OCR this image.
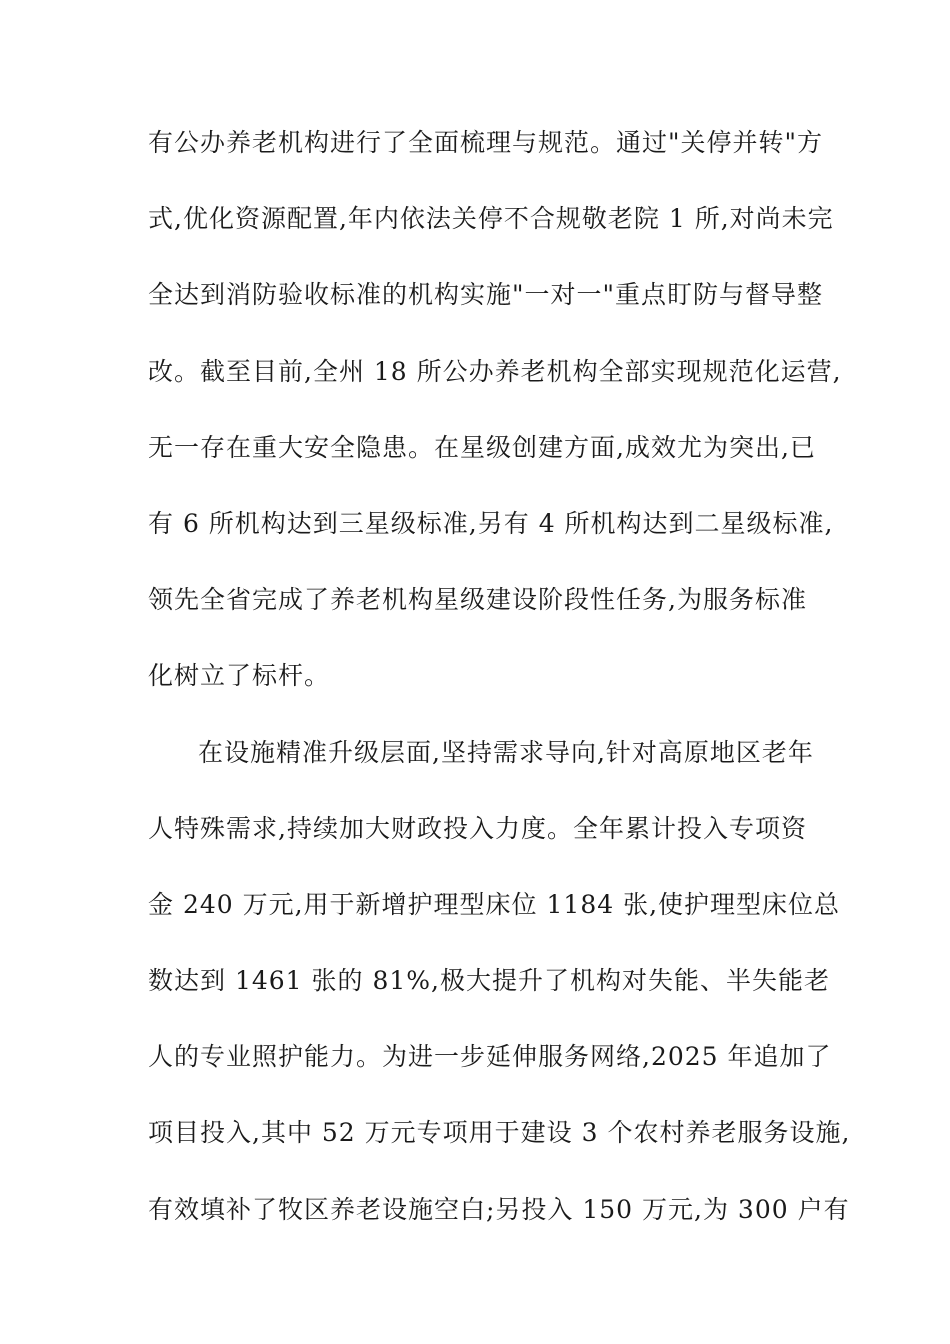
有公办养老机构进行了全面梳理与规范。通过"关停并转"方
式,优化资源配置,年内依法关停不合规敬老院 1 所,对尚未完
全达到消防验收标准的机构实施"一对一"重点盯防与督导整
改。截至目前,全州 18 所公办养老机构全部实现规范化运营,
无一存在重大安全隐患。在星级创建方面,成效尤为突出,已
有 6 所机构达到三星级标准,另有 4 所机构达到二星级标准,
领先全省完成了养老机构星级建设阶段性任务,为服务标准
化树立了标杆。
在设施精准升级层面,坚持需求导向,针对高原地区老年
人特殊需求,持续加大财政投入力度。全年累计投入专项资
金 240 万元,用于新增护理型床位 1184 张,使护理型床位总
数达到 1461 张的 81%,极大提升了机构对失能、半失能老
人的专业照护能力。为进一步延伸服务网络,2025 年追加了
项目投入,其中 52 万元专项用于建设 3 个农村养老服务设施,
有效填补了牧区养老设施空白;另投入 150 万元,为 300 户有
